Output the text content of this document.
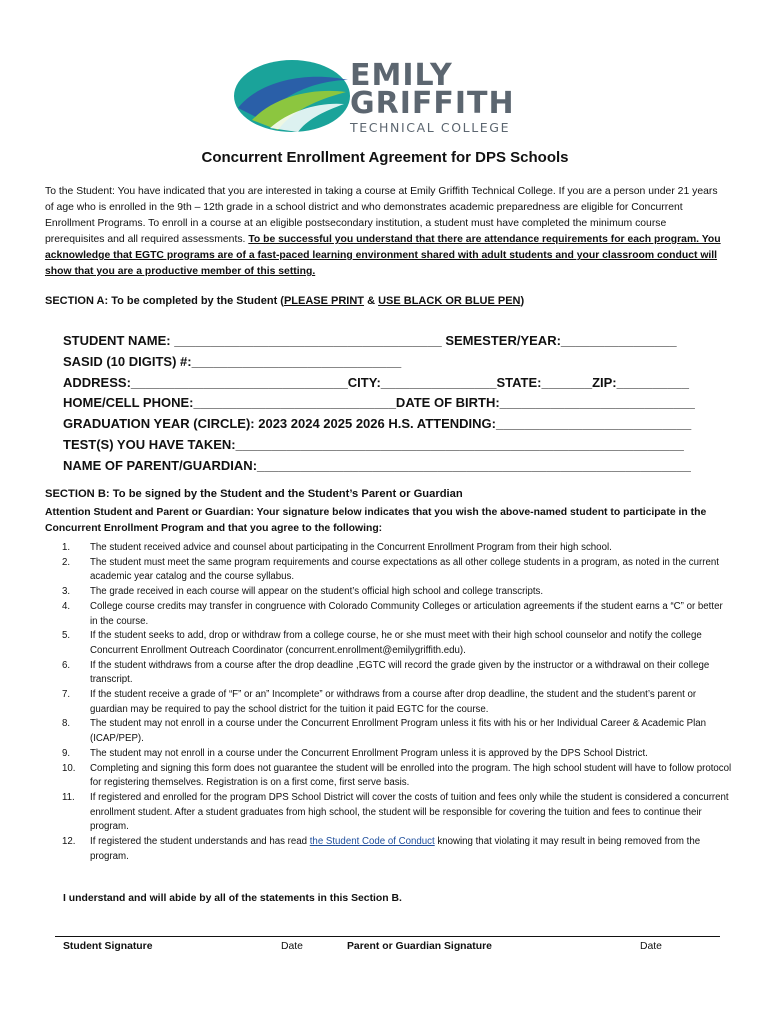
EMILY
GRIFFITH
TECHNICAL COLLEGE
Concurrent Enrollment Agreement for DPS Schools
To the Student: You have indicated that you are interested in taking a course at Emily Griffith Technical College. If you are a person under 21 years of age who is enrolled in the 9th – 12th grade in a school district and who demonstrates academic preparedness are eligible for Concurrent Enrollment Programs. To enroll in a course at an eligible postsecondary institution, a student must have completed the minimum course prerequisites and all required assessments. To be successful you understand that there are attendance requirements for each program. You acknowledge that EGTC programs are of a fast-paced learning environment shared with adult students and your classroom conduct will show that you are a productive member of this setting.
SECTION A: To be completed by the Student (PLEASE PRINT & USE BLACK OR BLUE PEN)
STUDENT NAME: _____________________________________ SEMESTER/YEAR:________________
SASID (10 DIGITS) #:_____________________________
ADDRESS:______________________________CITY:________________STATE:_______ZIP:__________
HOME/CELL PHONE:____________________________DATE OF BIRTH:___________________________
GRADUATION YEAR (CIRCLE): 2023 2024 2025 2026 H.S. ATTENDING:___________________________
TEST(S) YOU HAVE TAKEN:______________________________________________________________
NAME OF PARENT/GUARDIAN:____________________________________________________________
SECTION B: To be signed by the Student and the Student’s Parent or Guardian
Attention Student and Parent or Guardian: Your signature below indicates that you wish the above-named student to participate in the Concurrent Enrollment Program and that you agree to the following:
1. The student received advice and counsel about participating in the Concurrent Enrollment Program from their high school.
2. The student must meet the same program requirements and course expectations as all other college students in a program, as noted in the current academic year catalog and the course syllabus.
3. The grade received in each course will appear on the student’s official high school and college transcripts.
4. College course credits may transfer in congruence with Colorado Community Colleges or articulation agreements if the student earns a “C” or better in the course.
5. If the student seeks to add, drop or withdraw from a college course, he or she must meet with their high school counselor and notify the college Concurrent Enrollment Outreach Coordinator (concurrent.enrollment@emilygriffith.edu).
6. If the student withdraws from a course after the drop deadline ,EGTC will record the grade given by the instructor or a withdrawal on their college transcript.
7. If the student receive a grade of “F” or an” Incomplete” or withdraws from a course after drop deadline, the student and the student’s parent or guardian may be required to pay the school district for the tuition it paid EGTC for the course.
8. The student may not enroll in a course under the Concurrent Enrollment Program unless it fits with his or her Individual Career & Academic Plan (ICAP/PEP).
9. The student may not enroll in a course under the Concurrent Enrollment Program unless it is approved by the DPS School District.
10. Completing and signing this form does not guarantee the student will be enrolled into the program. The high school student will have to follow protocol for registering themselves. Registration is on a first come, first serve basis.
11. If registered and enrolled for the program DPS School District will cover the costs of tuition and fees only while the student is considered a concurrent enrollment student. After a student graduates from high school, the student will be responsible for covering the tuition and fees to continue their program.
12. If registered the student understands and has read the Student Code of Conduct knowing that violating it may result in being removed from the program.
I understand and will abide by all of the statements in this Section B.
Student Signature	Date	Parent or Guardian Signature	Date
